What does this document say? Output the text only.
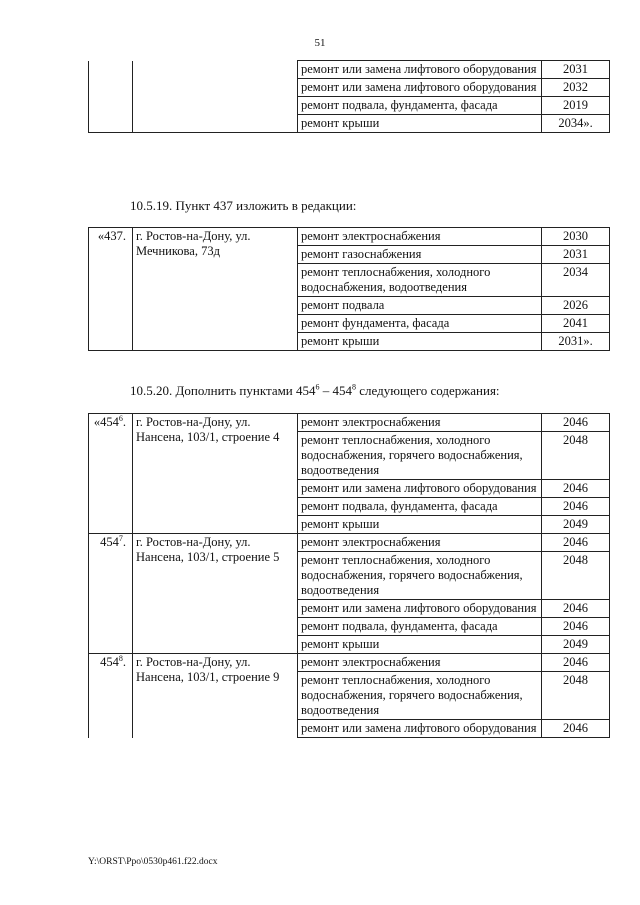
51
		ремонт или замена лифтового оборудования	2031
		ремонт или замена лифтового оборудования	2032
		ремонт подвала, фундамента, фасада	2019
		ремонт крыши	2034».
10.5.19. Пункт 437 изложить в редакции:
«437.	г. Ростов-на-Дону, ул. Мечникова, 73д	ремонт электроснабжения	2030
		ремонт газоснабжения	2031
		ремонт теплоснабжения, холодного водоснабжения, водоотведения	2034
		ремонт подвала	2026
		ремонт фундамента, фасада	2041
		ремонт крыши	2031».
10.5.20. Дополнить пунктами $454^6 - 454^8$ следующего содержания:
«$454^6$.	г. Ростов-на-Дону, ул. Нансена, 103/1, строение 4	ремонт электроснабжения	2046
		ремонт теплоснабжения, холодного водоснабжения, горячего водоснабжения, водоотведения	2048
		ремонт или замена лифтового оборудования	2046
		ремонт подвала, фундамента, фасада	2046
		ремонт крыши	2049
$454^7$.	г. Ростов-на-Дону, ул. Нансена, 103/1, строение 5	ремонт электроснабжения	2046
		ремонт теплоснабжения, холодного водоснабжения, горячего водоснабжения, водоотведения	2048
		ремонт или замена лифтового оборудования	2046
		ремонт подвала, фундамента, фасада	2046
		ремонт крыши	2049
$454^8$.	г. Ростов-на-Дону, ул. Нансена, 103/1, строение 9	ремонт электроснабжения	2046
		ремонт теплоснабжения, холодного водоснабжения, горячего водоснабжения, водоотведения	2048
		ремонт или замена лифтового оборудования	2046
Y:\ORST\Ppo\0530p461.f22.docx
